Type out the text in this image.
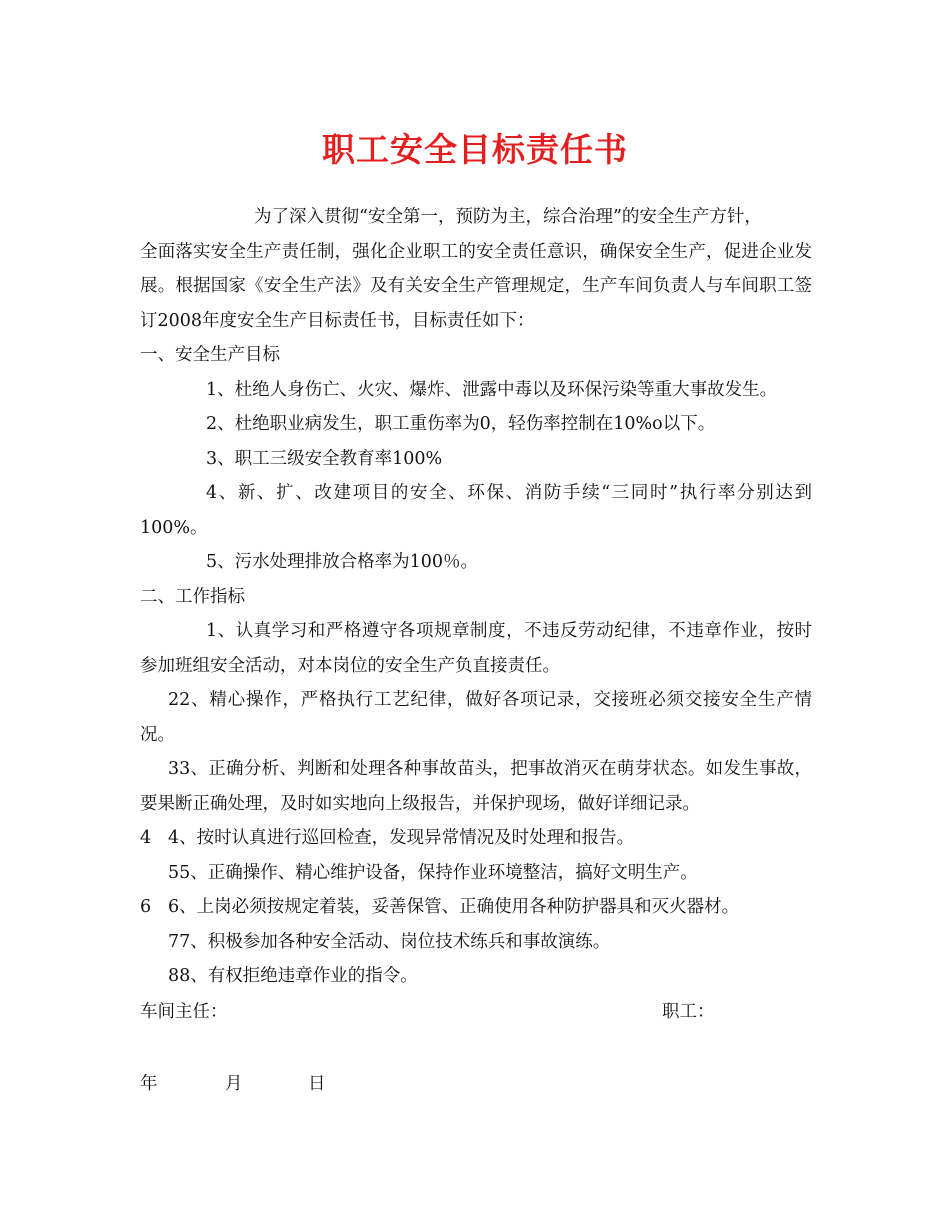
职工安全目标责任书

为了深入贯彻“安全第一，预防为主，综合治理”的安全生产方针，

全面落实安全生产责任制，强化企业职工的安全责任意识，确保安全生产，促进企业发展。根据国家《安全生产法》及有关安全生产管理规定，生产车间负责人与车间职工签订2008年度安全生产目标责任书，目标责任如下：

一、安全生产目标

1、杜绝人身伤亡、火灾、爆炸、泄露中毒以及环保污染等重大事故发生。

2、杜绝职业病发生，职工重伤率为0，轻伤率控制在10%o以下。

3、职工三级安全教育率100%

4、新、扩、改建项目的安全、环保、消防手续“三同时”执行率分别达到100%。

5、污水处理排放合格率为100％。

二、工作指标

1、认真学习和严格遵守各项规章制度，不违反劳动纪律，不违章作业，按时参加班组安全活动，对本岗位的安全生产负直接责任。

22、精心操作，严格执行工艺纪律，做好各项记录，交接班必须交接安全生产情况。

33、正确分析、判断和处理各种事故苗头，把事故消灭在萌芽状态。如发生事故，要果断正确处理，及时如实地向上级报告，并保护现场，做好详细记录。

4 4、按时认真进行巡回检查，发现异常情况及时处理和报告。

55、正确操作、精心维护设备，保持作业环境整洁，搞好文明生产。

6 6、上岗必须按规定着装，妥善保管、正确使用各种防护器具和灭火器材。

77、积极参加各种安全活动、岗位技术练兵和事故演练。

88、有权拒绝违章作业的指令。

车间主任：	职工：
年	月	日
